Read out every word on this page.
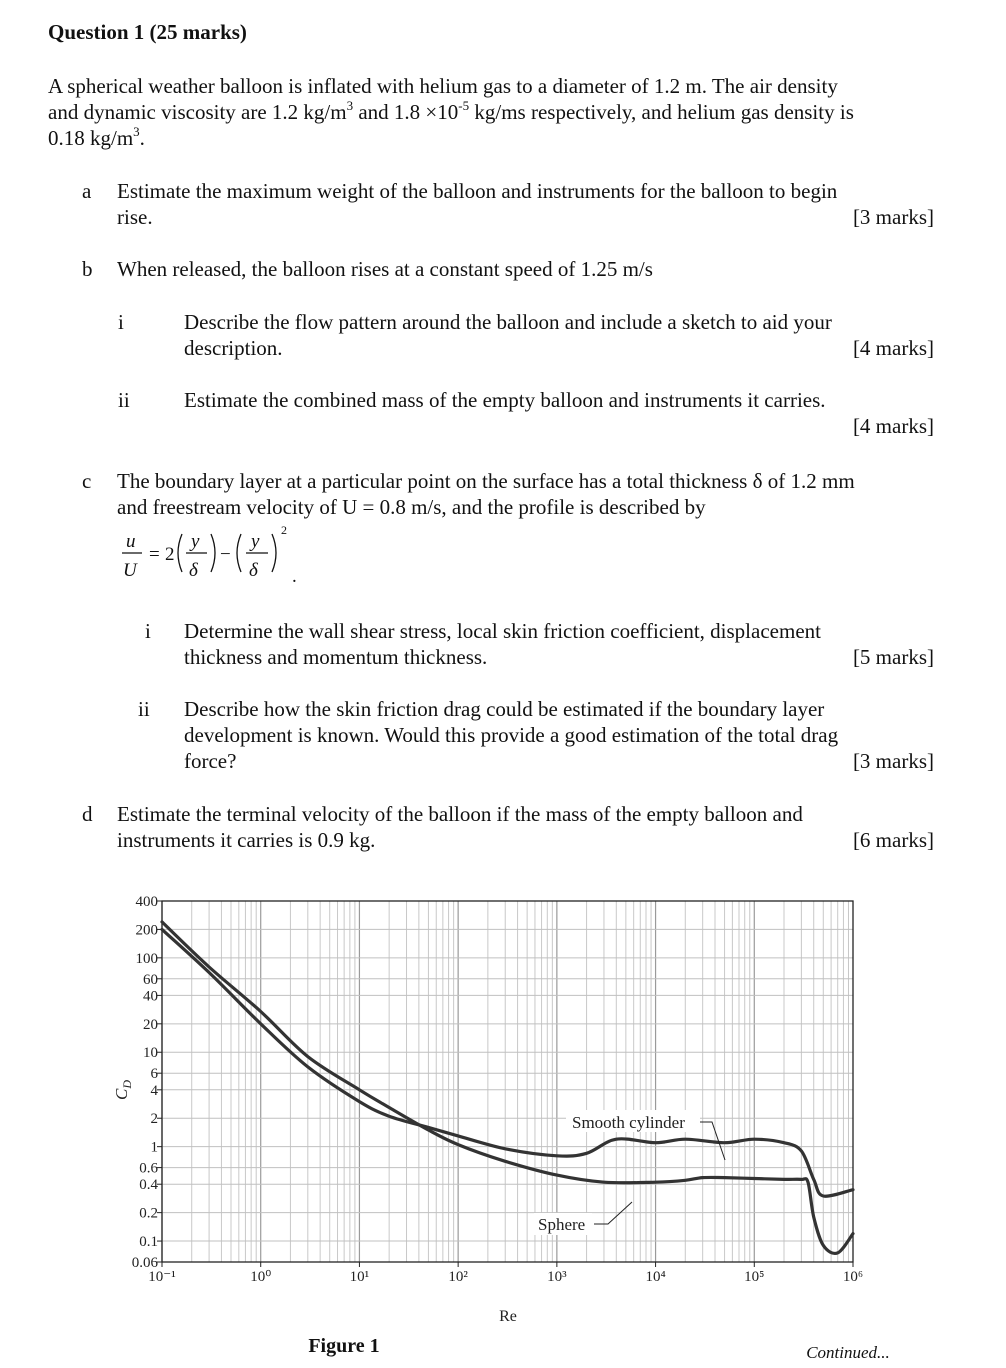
Question 1 (25 marks)
A spherical weather balloon is inflated with helium gas to a diameter of 1.2 m. The air density
and dynamic viscosity are 1.2 $kg/m^3$ and $1.8 \times 10^{-5}$ kg/ms respectively, and helium gas density is
0.18 $kg/m^3$.
a Estimate the maximum weight of the balloon and instruments for the balloon to begin
rise.	[3 marks]
b When released, the balloon rises at a constant speed of 1.25 m/s
i	Describe the flow pattern around the balloon and include a sketch to aid your
description.	[4 marks]
ii	Estimate the combined mass of the empty balloon and instruments it carries.
[4 marks]
c The boundary layer at a particular point on the surface has a total thickness δ of 1.2 mm
and freestream velocity of U = 0.8 m/s, and the profile is described by
u
U
= 2
y
δ
−
y
δ
2
.
i Determine the wall shear stress, local skin friction coefficient, displacement
thickness and momentum thickness.	[5 marks]
ii Describe how the skin friction drag could be estimated if the boundary layer
development is known. Would this provide a good estimation of the total drag
force?	[3 marks]
d Estimate the terminal velocity of the balloon if the mass of the empty balloon and
instruments it carries is 0.9 kg.	[6 marks]
400
200
100
60
40
20
10
6
4
2
1
0.6
0.4
0.2
0.1
0.06
10⁻¹	10⁰	10¹	10²	10³	10⁴	10⁵	10⁶
$C_D$
Re
Smooth cylinder
Sphere
Figure 1	Continued...
